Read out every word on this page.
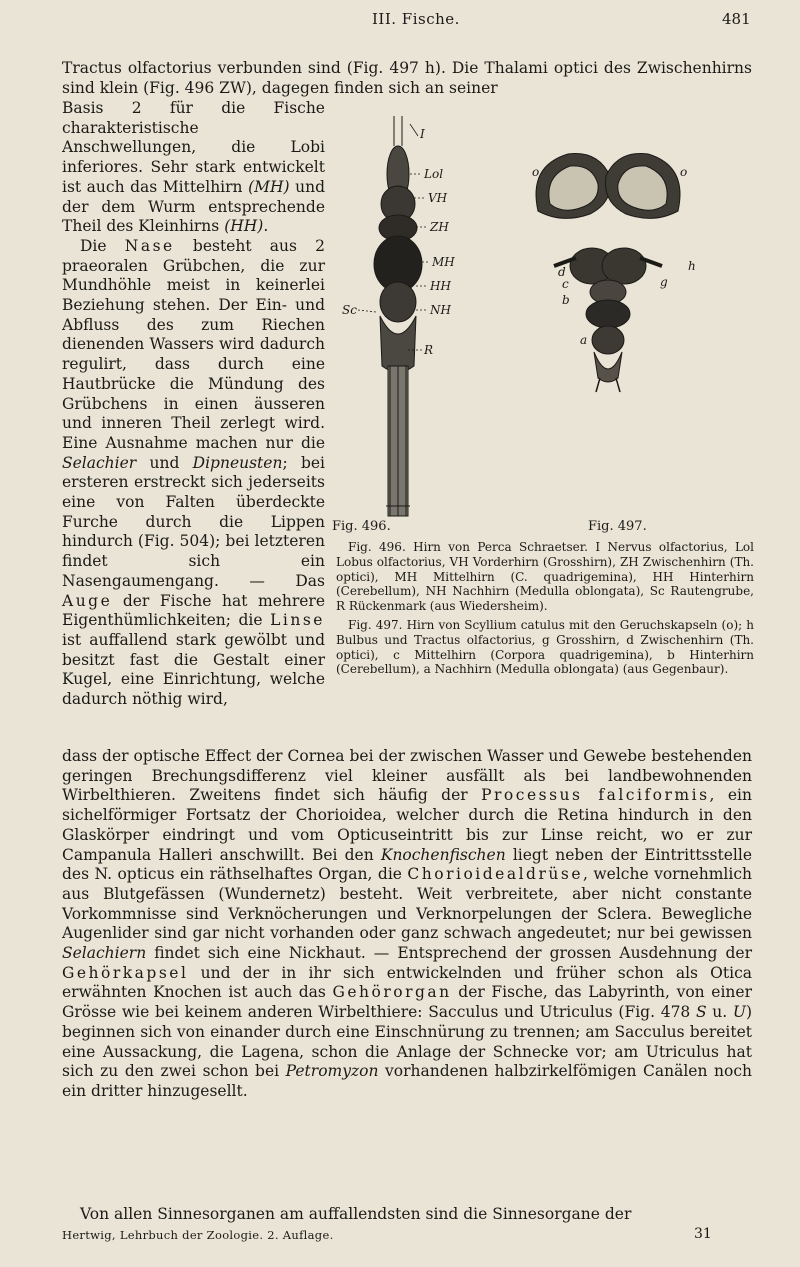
III. Fische.	481

Tractus olfactorius verbunden sind (Fig. 497 h). Die Thalami optici des Zwischenhirns sind klein (Fig. 496 ZW), dagegen finden sich an seiner

Basis 2 für die Fische charakteristische Anschwellungen, die Lobi inferiores. Sehr stark entwickelt ist auch das Mittelhirn (MH) und der dem Wurm entsprechende Theil des Kleinhirns (HH).

Die Nase besteht aus 2 praeoralen Grübchen, die zur Mundhöhle meist in keinerlei Beziehung stehen. Der Ein- und Abfluss des zum Riechen dienenden Wassers wird dadurch regulirt, dass durch eine Hautbrücke die Mündung des Grübchens in einen äusseren und inneren Theil zerlegt wird. Eine Ausnahme machen nur die Selachier und Dipneusten; bei ersteren erstreckt sich jederseits eine von Falten überdeckte Furche durch die Lippen hindurch (Fig. 504); bei letzteren findet sich ein Nasengaumengang. — Das Auge der Fische hat mehrere Eigenthümlichkeiten; die Linse ist auffallend stark gewölbt und besitzt fast die Gestalt einer Kugel, eine Einrichtung, welche dadurch nöthig wird,

I
Lol
VH
ZH
MH
HH
NH
R
Sc
o	o
h
d
c	g
b
a
Fig. 496.	Fig. 497.

Fig. 496. Hirn von Perca Schraetser. I Nervus olfactorius, Lol Lobus olfactorius, VH Vorderhirn (Grosshirn), ZH Zwischenhirn (Th. optici), MH Mittelhirn (C. quadrigemina), HH Hinterhirn (Cerebellum), NH Nachhirn (Medulla oblongata), Sc Rautengrube, R Rückenmark (aus Wiedersheim).

Fig. 497. Hirn von Scyllium catulus mit den Geruchskapseln (o); h Bulbus und Tractus olfactorius, g Grosshirn, d Zwischenhirn (Th. optici), c Mittelhirn (Corpora quadrigemina), b Hinterhirn (Cerebellum), a Nachhirn (Medulla oblongata) (aus Gegenbaur).

dass der optische Effect der Cornea bei der zwischen Wasser und Gewebe bestehenden geringen Brechungsdifferenz viel kleiner ausfällt als bei landbewohnenden Wirbelthieren. Zweitens findet sich häufig der Processus falciformis, ein sichelförmiger Fortsatz der Chorioidea, welcher durch die Retina hindurch in den Glaskörper eindringt und vom Opticuseintritt bis zur Linse reicht, wo er zur Campanula Halleri anschwillt. Bei den Knochenfischen liegt neben der Eintrittsstelle des N. opticus ein räthselhaftes Organ, die Chorioidealdrüse, welche vornehmlich aus Blutgefässen (Wundernetz) besteht. Weit verbreitete, aber nicht constante Vorkommnisse sind Verknöcherungen und Verknorpelungen der Sclera. Bewegliche Augenlider sind gar nicht vorhanden oder ganz schwach angedeutet; nur bei gewissen Selachiern findet sich eine Nickhaut. — Entsprechend der grossen Ausdehnung der Gehörkapsel und der in ihr sich entwickelnden und früher schon als Otica erwähnten Knochen ist auch das Gehörorgan der Fische, das Labyrinth, von einer Grösse wie bei keinem anderen Wirbelthiere: Sacculus und Utriculus (Fig. 478 S u. U) beginnen sich von einander durch eine Einschnürung zu trennen; am Sacculus bereitet eine Aussackung, die Lagena, schon die Anlage der Schnecke vor; am Utriculus hat sich zu den zwei schon bei Petromyzon vorhandenen halbzirkelfömigen Canälen noch ein dritter hinzugesellt.

Von allen Sinnesorganen am auffallendsten sind die Sinnesorgane der

Hertwig, Lehrbuch der Zoologie. 2. Auflage.	31
